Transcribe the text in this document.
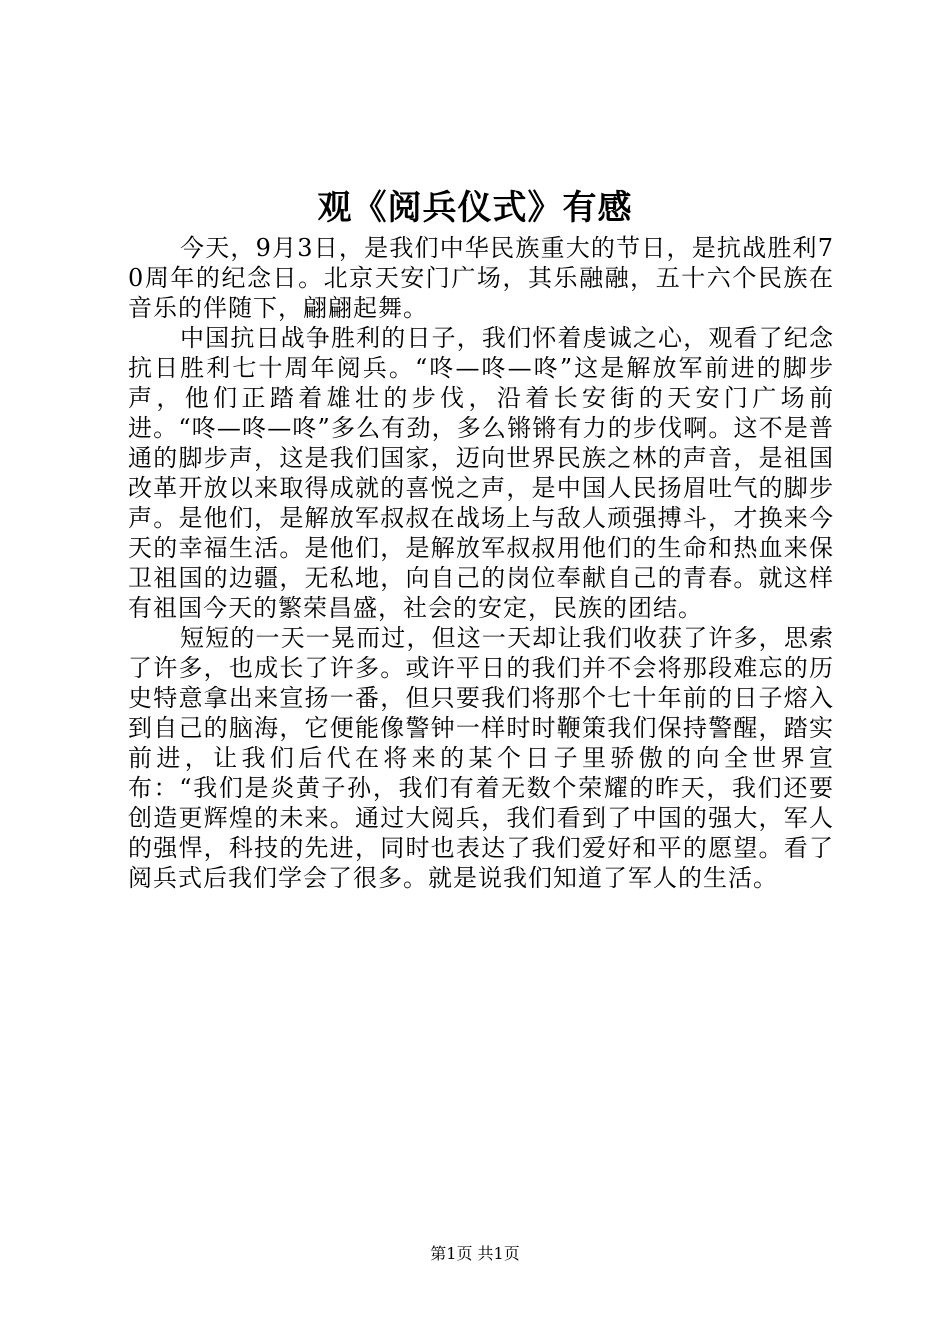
观《阅兵仪式》有感

今天，9月3日，是我们中华民族重大的节日，是抗战胜利70周年的纪念日。北京天安门广场，其乐融融，五十六个民族在音乐的伴随下，翩翩起舞。

中国抗日战争胜利的日子，我们怀着虔诚之心，观看了纪念抗日胜利七十周年阅兵。“咚—咚—咚”这是解放军前进的脚步声，他们正踏着雄壮的步伐，沿着长安街的天安门广场前进。“咚—咚—咚”多么有劲，多么锵锵有力的步伐啊。这不是普通的脚步声，这是我们国家，迈向世界民族之林的声音，是祖国改革开放以来取得成就的喜悦之声，是中国人民扬眉吐气的脚步声。是他们，是解放军叔叔在战场上与敌人顽强搏斗，才换来今天的幸福生活。是他们，是解放军叔叔用他们的生命和热血来保卫祖国的边疆，无私地，向自己的岗位奉献自己的青春。就这样有祖国今天的繁荣昌盛，社会的安定，民族的团结。

短短的一天一晃而过，但这一天却让我们收获了许多，思索了许多，也成长了许多。或许平日的我们并不会将那段难忘的历史特意拿出来宣扬一番，但只要我们将那个七十年前的日子熔入到自己的脑海，它便能像警钟一样时时鞭策我们保持警醒，踏实前进，让我们后代在将来的某个日子里骄傲的向全世界宣布：“我们是炎黄子孙，我们有着无数个荣耀的昨天，我们还要创造更辉煌的未来。通过大阅兵，我们看到了中国的强大，军人的强悍，科技的先进，同时也表达了我们爱好和平的愿望。看了阅兵式后我们学会了很多。就是说我们知道了军人的生活。

第1页 共1页
